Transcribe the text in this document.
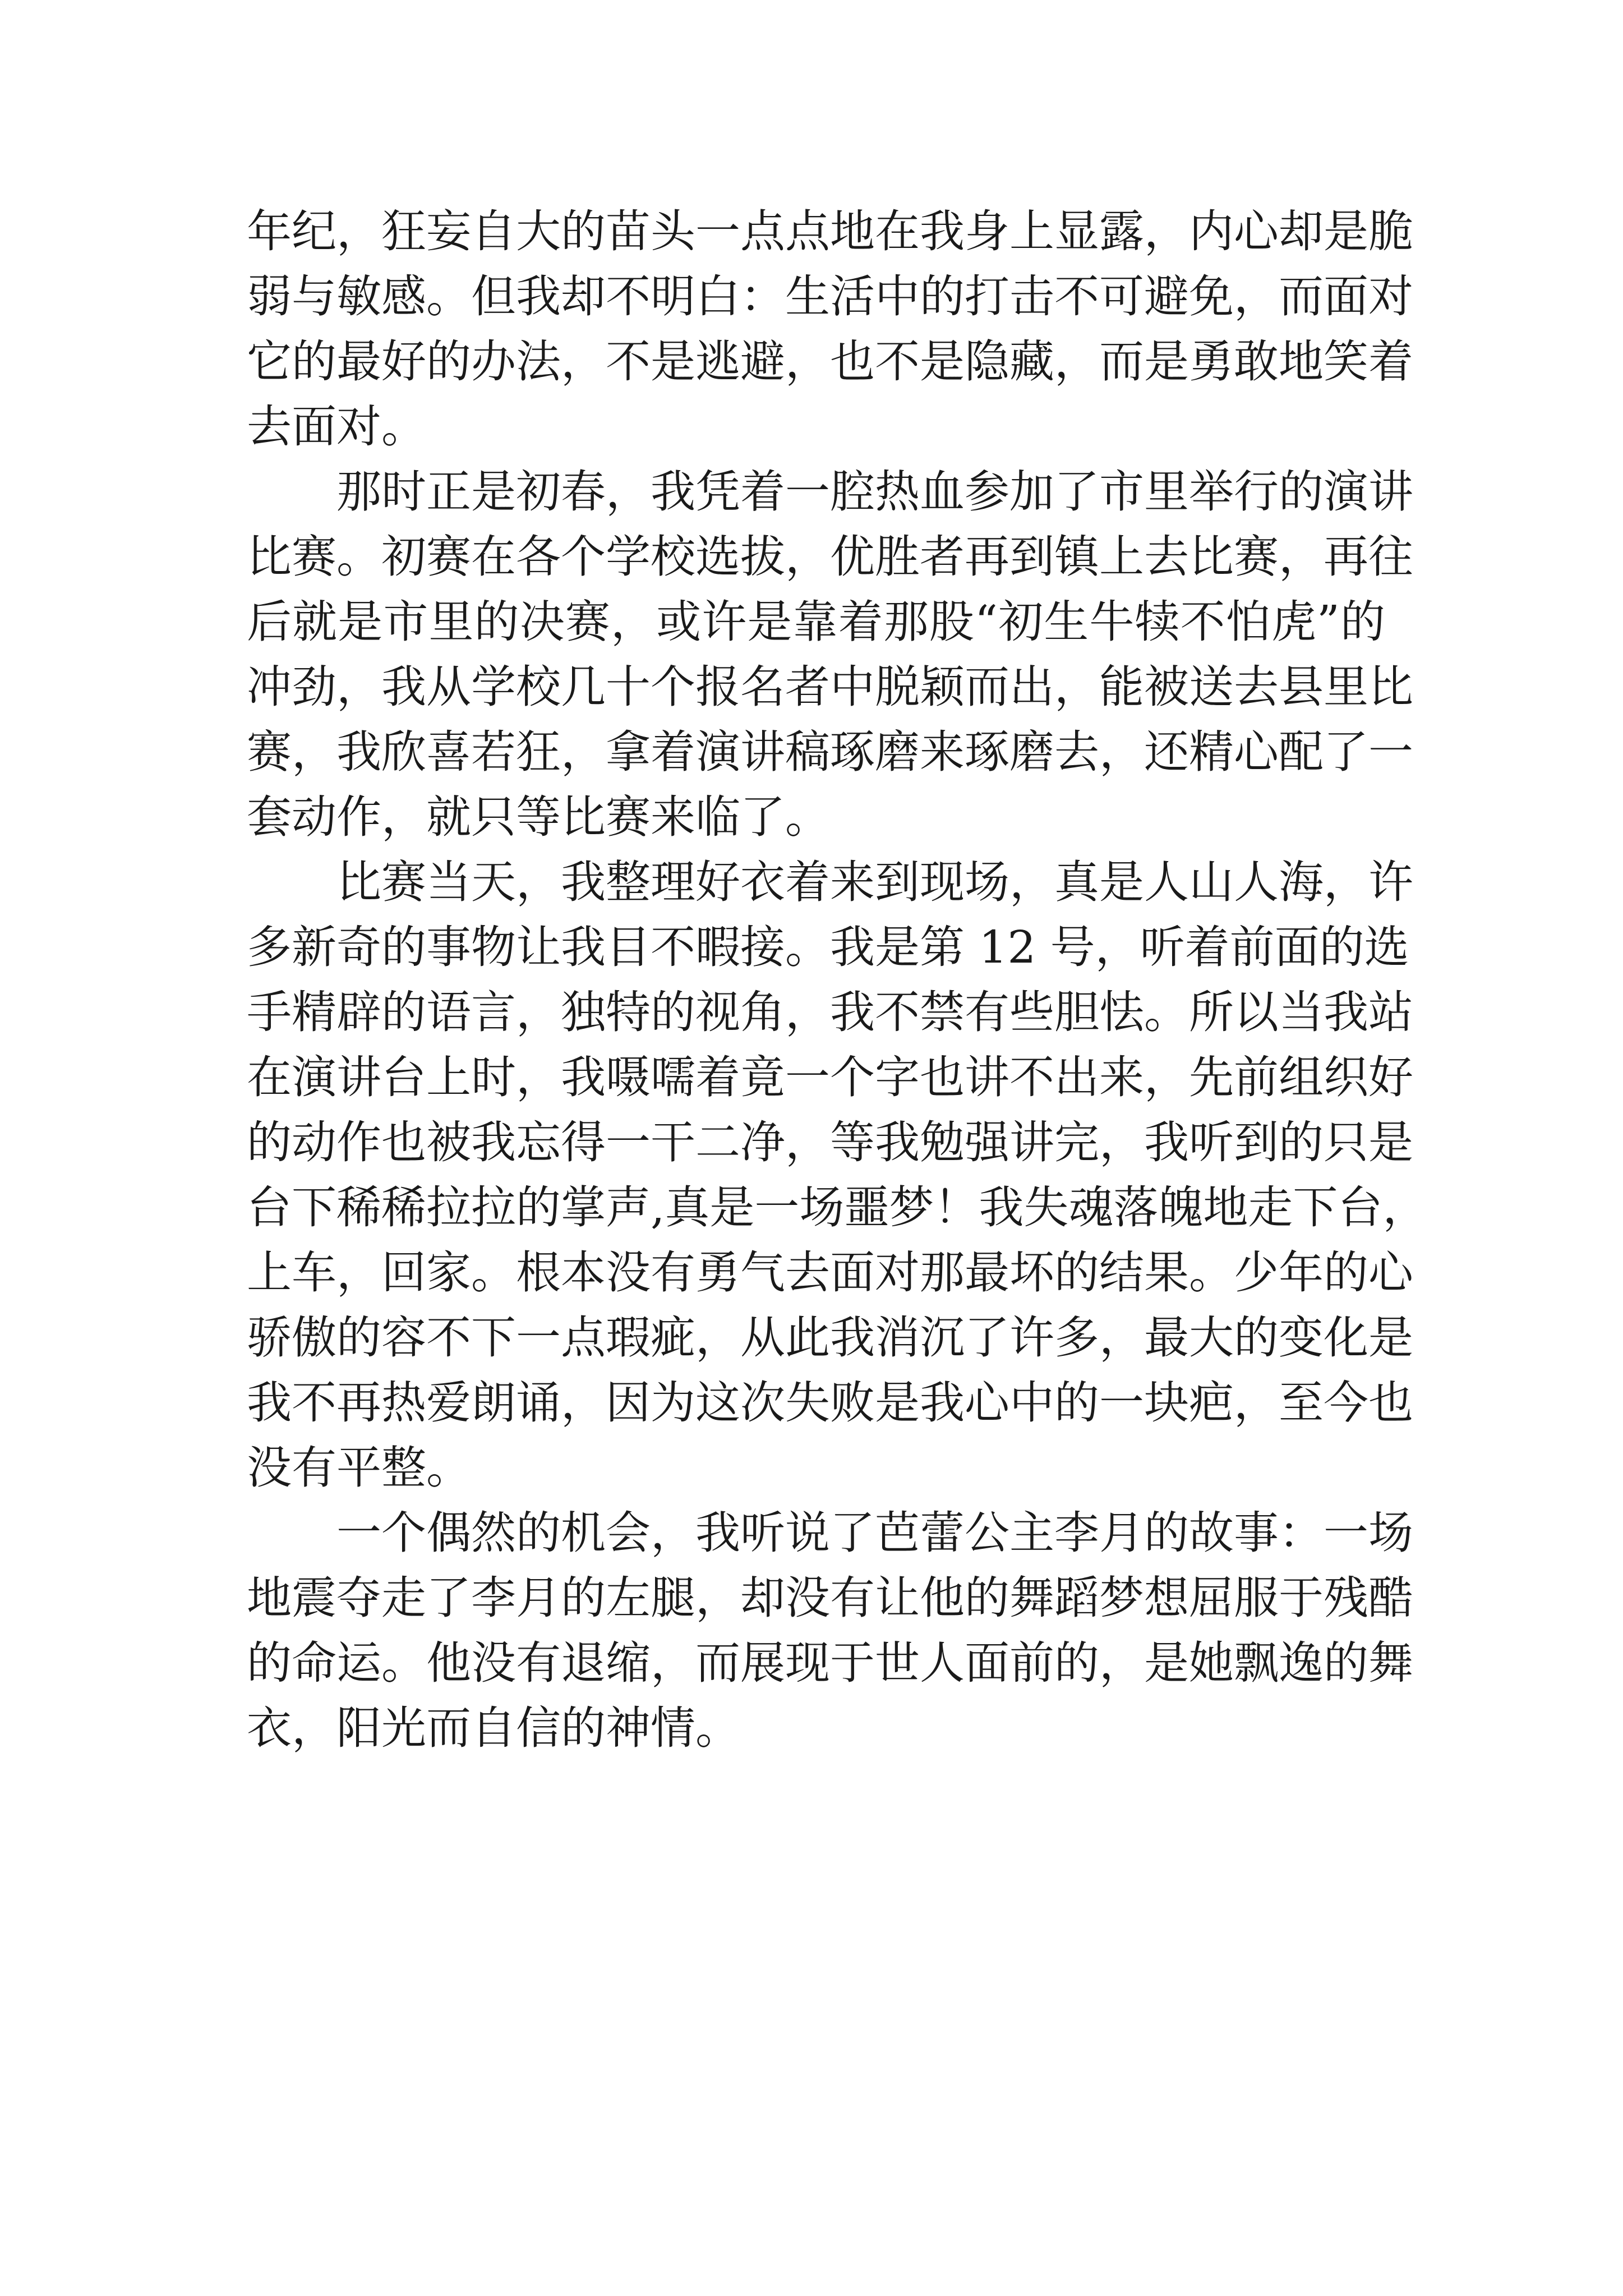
年纪，狂妄自大的苗头一点点地在我身上显露，内心却是脆
弱与敏感。但我却不明白：生活中的打击不可避免，而面对
它的最好的办法，不是逃避，也不是隐藏，而是勇敢地笑着
去面对。
那时正是初春，我凭着一腔热血参加了市里举行的演讲
比赛。初赛在各个学校选拔，优胜者再到镇上去比赛，再往
后就是市里的决赛，或许是靠着那股“初生牛犊不怕虎”的
冲劲，我从学校几十个报名者中脱颖而出，能被送去县里比
赛，我欣喜若狂，拿着演讲稿琢磨来琢磨去，还精心配了一
套动作，就只等比赛来临了。
比赛当天，我整理好衣着来到现场，真是人山人海，许
多新奇的事物让我目不暇接。我是第 12 号，听着前面的选
手精辟的语言，独特的视角，我不禁有些胆怯。所以当我站
在演讲台上时，我嗫嚅着竟一个字也讲不出来，先前组织好
的动作也被我忘得一干二净，等我勉强讲完，我听到的只是
台下稀稀拉拉的掌声,真是一场噩梦！我失魂落魄地走下台，
上车，回家。根本没有勇气去面对那最坏的结果。少年的心
骄傲的容不下一点瑕疵，从此我消沉了许多，最大的变化是
我不再热爱朗诵，因为这次失败是我心中的一块疤，至今也
没有平整。
一个偶然的机会，我听说了芭蕾公主李月的故事：一场
地震夺走了李月的左腿，却没有让他的舞蹈梦想屈服于残酷
的命运。他没有退缩，而展现于世人面前的，是她飘逸的舞
衣，阳光而自信的神情。
